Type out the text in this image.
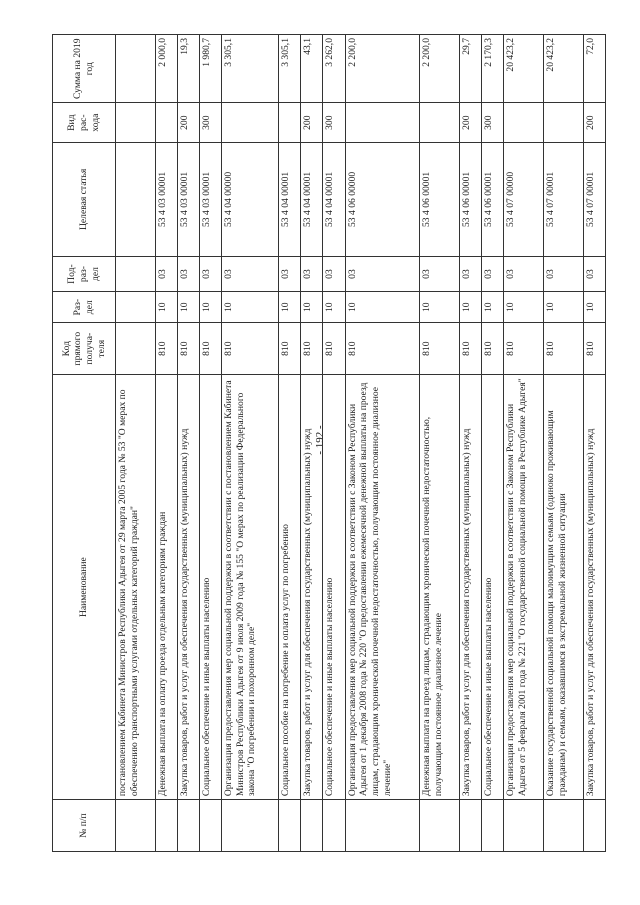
- 192 -
№ п/п	Наименование	Код прямого получа-теля	Раз-дел	Под-раз-дел	Целевая статья	Вид рас-хода	Сумма на 2019 год
	постановлением Кабинета Министров Республики Адыгея от 29 марта 2005 года № 53 "О мерах по обеспечению транспортными услугами отдельных категорий граждан"						
	Денежная выплата на оплату проезда отдельным категориям граждан	810	10	03	53 4 03 00001		2 000,0
	Закупка товаров, работ и услуг для обеспечения государственных (муниципальных) нужд	810	10	03	53 4 03 00001	200	19,3
	Социальное обеспечение и иные выплаты населению	810	10	03	53 4 03 00001	300	1 980,7
	Организация предоставления мер социальной поддержки в соответствии с постановлением Кабинета Министров Республики Адыгея от 9 июля 2009 года № 155 "О мерах по реализации Федерального закона "О погребении и похоронном деле"	810	10	03	53 4 04 00000		3 305,1
	Социальное пособие на погребение и оплата услуг по погребению	810	10	03	53 4 04 00001		3 305,1
	Закупка товаров, работ и услуг для обеспечения государственных (муниципальных) нужд	810	10	03	53 4 04 00001	200	43,1
	Социальное обеспечение и иные выплаты населению	810	10	03	53 4 04 00001	300	3 262,0
	Организация предоставления мер социальной поддержки в соответствии с Законом Республики Адыгея от 1 декабря 2008 года № 220 "О предоставлении ежемесячной денежной выплаты на проезд лицам, страдающим хронической почечной недостаточностью, получающим постоянное диализное лечение"	810	10	03	53 4 06 00000		2 200,0
	Денежная выплата на проезд лицам, страдающим хронической почечной недостаточностью, получающим постоянное диализное лечение	810	10	03	53 4 06 00001		2 200,0
	Закупка товаров, работ и услуг для обеспечения государственных (муниципальных) нужд	810	10	03	53 4 06 00001	200	29,7
	Социальное обеспечение и иные выплаты населению	810	10	03	53 4 06 00001	300	2 170,3
	Организация предоставления мер социальной поддержки в соответствии с Законом Республики Адыгея от 5 февраля 2001 года № 221 "О государственной социальной помощи в Республике Адыгея"	810	10	03	53 4 07 00000		20 423,2
	Оказание государственной социальной помощи малоимущим семьям (одиноко проживающим гражданам) и семьям, оказавшимся в экстремальной жизненной ситуации	810	10	03	53 4 07 00001		20 423,2
	Закупка товаров, работ и услуг для обеспечения государственных (муниципальных) нужд	810	10	03	53 4 07 00001	200	72,0
